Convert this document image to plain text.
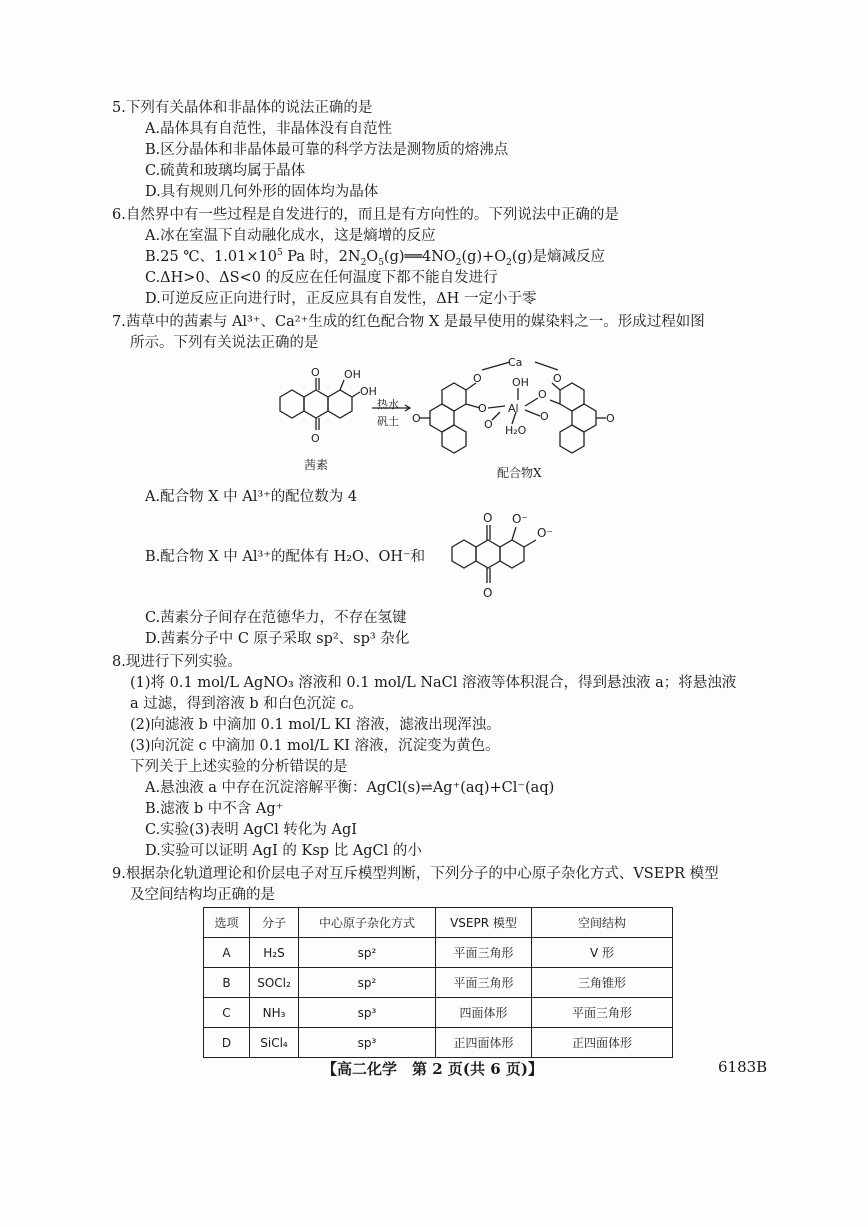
5.下列有关晶体和非晶体的说法正确的是
A.晶体具有自范性，非晶体没有自范性
B.区分晶体和非晶体最可靠的科学方法是测物质的熔沸点
C.硫黄和玻璃均属于晶体
D.具有规则几何外形的固体均为晶体
6.自然界中有一些过程是自发进行的，而且是有方向性的。下列说法中正确的是
A.冰在室温下自动融化成水，这是熵增的反应
B.25 ℃、$1.01\times 10^5$ Pa 时，$2N_2O_5(g)══4NO_2(g)+O_2(g)$是熵减反应
C.ΔH>0、ΔS<0 的反应在任何温度下都不能自发进行
D.可逆反应正向进行时，正反应具有自发性，ΔH 一定小于零
7.茜草中的茜素与 Al³⁺、Ca²⁺生成的红色配合物 X 是最早使用的媒染料之一。形成过程如图
所示。下列有关说法正确的是
OH
OH
O
O
O
O
O
Ca
Al
OH
H₂O
O
O
O
O
O
热水
矾土
茜素
配合物X
A.配合物 X 中 Al³⁺的配位数为 4
B.配合物 X 中 Al³⁺的配体有 H₂O、OH⁻和
O
O
O⁻
O⁻
C.茜素分子间存在范德华力，不存在氢键
D.茜素分子中 C 原子采取 sp²、sp³ 杂化
8.现进行下列实验。
(1)将 0.1 mol/L AgNO₃ 溶液和 0.1 mol/L NaCl 溶液等体积混合，得到悬浊液 a；将悬浊液
a 过滤，得到溶液 b 和白色沉淀 c。
(2)向滤液 b 中滴加 0.1 mol/L KI 溶液，滤液出现浑浊。
(3)向沉淀 c 中滴加 0.1 mol/L KI 溶液，沉淀变为黄色。
下列关于上述实验的分析错误的是
A.悬浊液 a 中存在沉淀溶解平衡：AgCl(s)⇌Ag⁺(aq)+Cl⁻(aq)
B.滤液 b 中不含 Ag⁺
C.实验(3)表明 AgCl 转化为 AgI
D.实验可以证明 AgI 的 Ksp 比 AgCl 的小
9.根据杂化轨道理论和价层电子对互斥模型判断，下列分子的中心原子杂化方式、VSEPR 模型
及空间结构均正确的是
选项	分子	中心原子杂化方式	VSEPR 模型	空间结构
A	H₂S	sp²	平面三角形	V 形
B	SOCl₂	sp²	平面三角形	三角锥形
C	NH₃	sp³	四面体形	平面三角形
D	SiCl₄	sp³	正四面体形	正四面体形
【高二化学　第 2 页(共 6 页)】	6183B
